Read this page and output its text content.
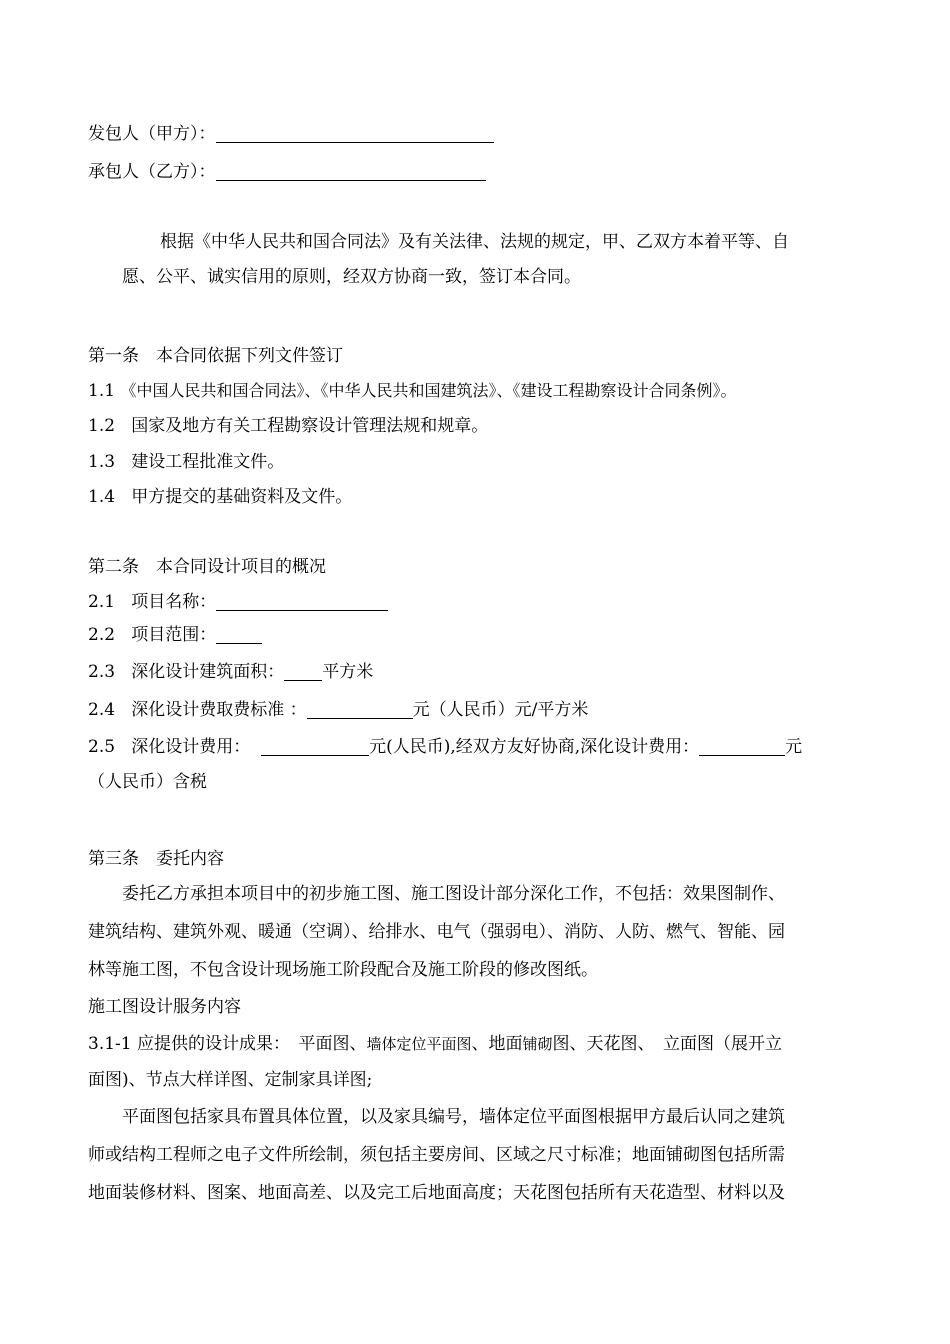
发包人（甲方）：
承包人（乙方）：
根据《中华人民共和国合同法》及有关法律、法规的规定，甲、乙双方本着平等、自
愿、公平、诚实信用的原则，经双方协商一致，签订本合同。
第一条　本合同依据下列文件签订
1.1 《中国人民共和国合同法》、《中华人民共和国建筑法》、《建设工程勘察设计合同条例》。
1.2 国家及地方有关工程勘察设计管理法规和规章。
1.3 建设工程批准文件。
1.4 甲方提交的基础资料及文件。
第二条　本合同设计项目的概况
2.1 项目名称：
2.2 项目范围：
2.3 深化设计建筑面积： 平方米
2.4 深化设计费取费标准 ：	元（人民币）元/平方米
2.5 深化设计费用：	元(人民币),经双方友好协商,深化设计费用：	元
（人民币）含税
第三条　委托内容
委托乙方承担本项目中的初步施工图、施工图设计部分深化工作，不包括：效果图制作、
建筑结构、建筑外观、暖通（空调）、给排水、电气（强弱电）、消防、人防、燃气、智能、园
林等施工图，不包含设计现场施工阶段配合及施工阶段的修改图纸。
施工图设计服务内容
3.1-1 应提供的设计成果：　平面图、墙体定位平面图、地面铺砌图、天花图、　立面图（展开立
面图)、节点大样详图、定制家具详图;
平面图包括家具布置具体位置，以及家具编号，墙体定位平面图根据甲方最后认同之建筑
师或结构工程师之电子文件所绘制，须包括主要房间、区域之尺寸标准；地面铺砌图包括所需
地面装修材料、图案、地面高差、以及完工后地面高度；天花图包括所有天花造型、材料以及
